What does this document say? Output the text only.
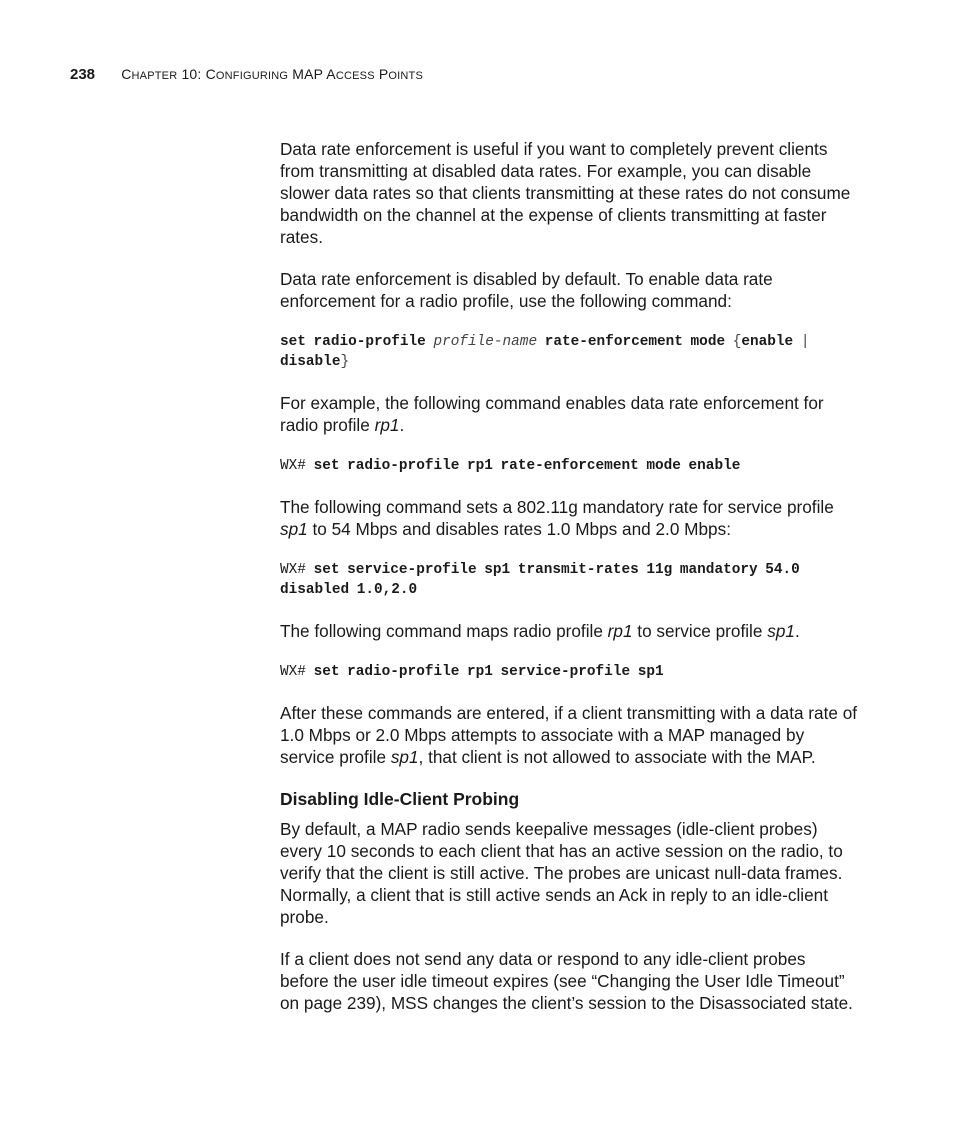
238 CHAPTER 10: CONFIGURING MAP ACCESS POINTS

Data rate enforcement is useful if you want to completely prevent clients from transmitting at disabled data rates. For example, you can disable slower data rates so that clients transmitting at these rates do not consume bandwidth on the channel at the expense of clients transmitting at faster rates.

Data rate enforcement is disabled by default. To enable data rate enforcement for a radio profile, use the following command:

set radio-profile profile-name rate-enforcement mode {enable | disable}

For example, the following command enables data rate enforcement for radio profile rp1.

WX# set radio-profile rp1 rate-enforcement mode enable

The following command sets a 802.11g mandatory rate for service profile sp1 to 54 Mbps and disables rates 1.0 Mbps and 2.0 Mbps:

WX# set service-profile sp1 transmit-rates 11g mandatory 54.0 disabled 1.0,2.0

The following command maps radio profile rp1 to service profile sp1.

WX# set radio-profile rp1 service-profile sp1

After these commands are entered, if a client transmitting with a data rate of 1.0 Mbps or 2.0 Mbps attempts to associate with a MAP managed by service profile sp1, that client is not allowed to associate with the MAP.

Disabling Idle-Client Probing

By default, a MAP radio sends keepalive messages (idle-client probes) every 10 seconds to each client that has an active session on the radio, to verify that the client is still active. The probes are unicast null-data frames. Normally, a client that is still active sends an Ack in reply to an idle-client probe.

If a client does not send any data or respond to any idle-client probes before the user idle timeout expires (see “Changing the User Idle Timeout” on page 239), MSS changes the client’s session to the Disassociated state.
